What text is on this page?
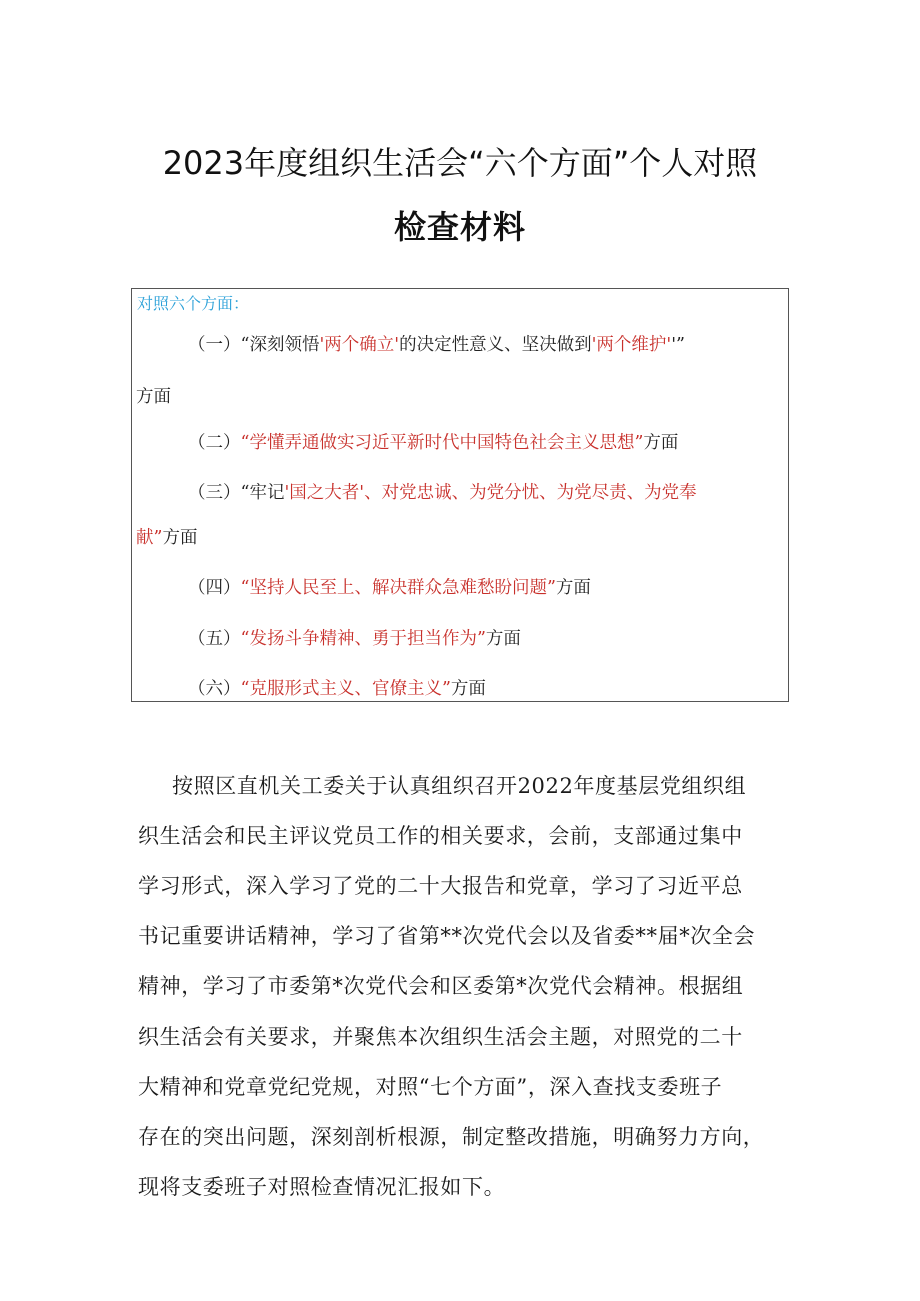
2023年度组织生活会“六个方面”个人对照
检查材料
对照六个方面：
（一）“深刻领悟'两个确立'的决定性意义、坚决做到'两个维护''”
方面
（二）“学懂弄通做实习近平新时代中国特色社会主义思想”方面
（三）“牢记'国之大者'、对党忠诚、为党分忧、为党尽责、为党奉
献”方面
（四）“坚持人民至上、解决群众急难愁盼问题”方面
（五）“发扬斗争精神、勇于担当作为”方面
（六）“克服形式主义、官僚主义”方面
按照区直机关工委关于认真组织召开2022年度基层党组织组
织生活会和民主评议党员工作的相关要求，会前，支部通过集中
学习形式，深入学习了党的二十大报告和党章，学习了习近平总
书记重要讲话精神，学习了省第**次党代会以及省委**届*次全会
精神，学习了市委第*次党代会和区委第*次党代会精神。根据组
织生活会有关要求，并聚焦本次组织生活会主题，对照党的二十
大精神和党章党纪党规，对照“七个方面”，深入查找支委班子
存在的突出问题，深刻剖析根源，制定整改措施，明确努力方向，
现将支委班子对照检查情况汇报如下。
